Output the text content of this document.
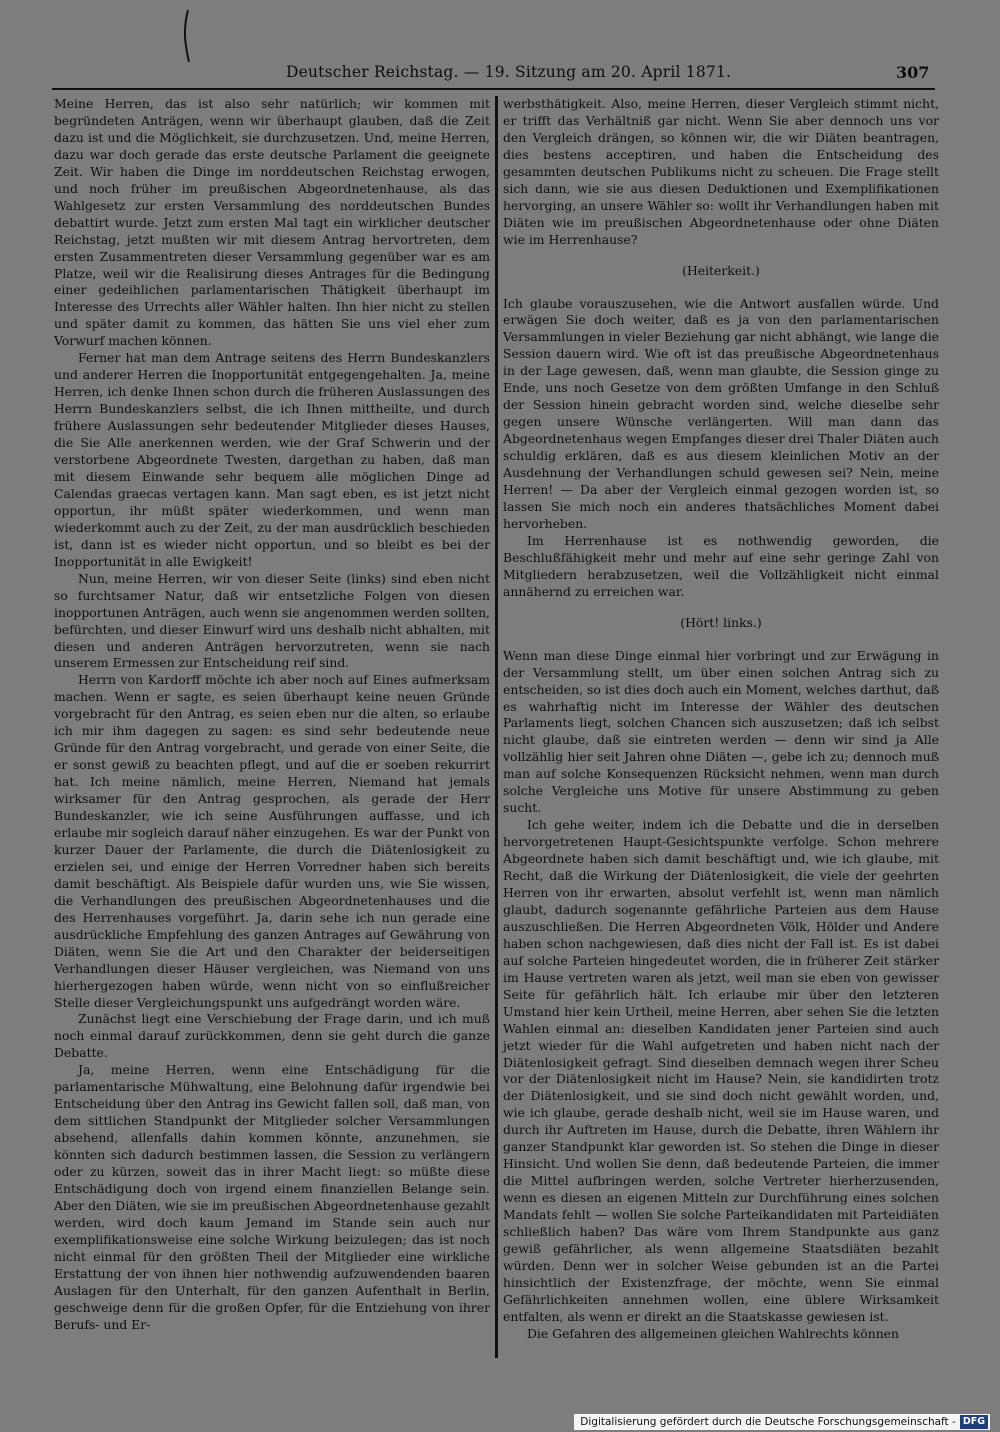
Deutscher Reichstag. — 19. Sitzung am 20. April 1871.	307

Meine Herren, das ist also sehr natürlich; wir kommen mit begründeten Anträgen, wenn wir überhaupt glauben, daß die Zeit dazu ist und die Möglichkeit, sie durchzusetzen. Und, meine Herren, dazu war doch gerade das erste deutsche Parlament die geeignete Zeit. Wir haben die Dinge im norddeutschen Reichstag erwogen, und noch früher im preußischen Abgeordnetenhause, als das Wahlgesetz zur ersten Versammlung des norddeutschen Bundes debattirt wurde. Jetzt zum ersten Mal tagt ein wirklicher deutscher Reichstag, jetzt mußten wir mit diesem Antrag hervortreten, dem ersten Zusammentreten dieser Versammlung gegenüber war es am Platze, weil wir die Realisirung dieses Antrages für die Bedingung einer gedeihlichen parlamentarischen Thätigkeit überhaupt im Interesse des Urrechts aller Wähler halten. Ihn hier nicht zu stellen und später damit zu kommen, das hätten Sie uns viel eher zum Vorwurf machen können.

Ferner hat man dem Antrage seitens des Herrn Bundeskanzlers und anderer Herren die Inopportunität entgegengehalten. Ja, meine Herren, ich denke Ihnen schon durch die früheren Auslassungen des Herrn Bundeskanzlers selbst, die ich Ihnen mittheilte, und durch frühere Auslassungen sehr bedeutender Mitglieder dieses Hauses, die Sie Alle anerkennen werden, wie der Graf Schwerin und der verstorbene Abgeordnete Twesten, dargethan zu haben, daß man mit diesem Einwande sehr bequem alle möglichen Dinge ad Calendas graecas vertagen kann. Man sagt eben, es ist jetzt nicht opportun, ihr müßt später wiederkommen, und wenn man wiederkommt auch zu der Zeit, zu der man ausdrücklich beschieden ist, dann ist es wieder nicht opportun, und so bleibt es bei der Inopportunität in alle Ewigkeit!

Nun, meine Herren, wir von dieser Seite (links) sind eben nicht so furchtsamer Natur, daß wir entsetzliche Folgen von diesen inopportunen Anträgen, auch wenn sie angenommen werden sollten, befürchten, und dieser Einwurf wird uns deshalb nicht abhalten, mit diesen und anderen Anträgen hervorzutreten, wenn sie nach unserem Ermessen zur Entscheidung reif sind.

Herrn von Kardorff möchte ich aber noch auf Eines aufmerksam machen. Wenn er sagte, es seien überhaupt keine neuen Gründe vorgebracht für den Antrag, es seien eben nur die alten, so erlaube ich mir ihm dagegen zu sagen: es sind sehr bedeutende neue Gründe für den Antrag vorgebracht, und gerade von einer Seite, die er sonst gewiß zu beachten pflegt, und auf die er soeben rekurrirt hat. Ich meine nämlich, meine Herren, Niemand hat jemals wirksamer für den Antrag gesprochen, als gerade der Herr Bundeskanzler, wie ich seine Ausführungen auffasse, und ich erlaube mir sogleich darauf näher einzugehen. Es war der Punkt von kurzer Dauer der Parlamente, die durch die Diätenlosigkeit zu erzielen sei, und einige der Herren Vorredner haben sich bereits damit beschäftigt. Als Beispiele dafür wurden uns, wie Sie wissen, die Verhandlungen des preußischen Abgeordnetenhauses und die des Herrenhauses vorgeführt. Ja, darin sehe ich nun gerade eine ausdrückliche Empfehlung des ganzen Antrages auf Gewährung von Diäten, wenn Sie die Art und den Charakter der beiderseitigen Verhandlungen dieser Häuser vergleichen, was Niemand von uns hierhergezogen haben würde, wenn nicht von so einflußreicher Stelle dieser Vergleichungspunkt uns aufgedrängt worden wäre.

Zunächst liegt eine Verschiebung der Frage darin, und ich muß noch einmal darauf zurückkommen, denn sie geht durch die ganze Debatte.

Ja, meine Herren, wenn eine Entschädigung für die parlamentarische Mühwaltung, eine Belohnung dafür irgendwie bei Entscheidung über den Antrag ins Gewicht fallen soll, daß man, von dem sittlichen Standpunkt der Mitglieder solcher Versammlungen absehend, allenfalls dahin kommen könnte, anzunehmen, sie könnten sich dadurch bestimmen lassen, die Session zu verlängern oder zu kürzen, soweit das in ihrer Macht liegt: so müßte diese Entschädigung doch von irgend einem finanziellen Belange sein. Aber den Diäten, wie sie im preußischen Abgeordnetenhause gezahlt werden, wird doch kaum Jemand im Stande sein auch nur exemplifikationsweise eine solche Wirkung beizulegen; das ist noch nicht einmal für den größten Theil der Mitglieder eine wirkliche Erstattung der von ihnen hier nothwendig aufzuwendenden baaren Auslagen für den Unterhalt, für den ganzen Aufenthalt in Berlin, geschweige denn für die großen Opfer, für die Entziehung von ihrer Berufs- und Er-

werbsthätigkeit. Also, meine Herren, dieser Vergleich stimmt nicht, er trifft das Verhältniß gar nicht. Wenn Sie aber dennoch uns vor den Vergleich drängen, so können wir, die wir Diäten beantragen, dies bestens acceptiren, und haben die Entscheidung des gesammten deutschen Publikums nicht zu scheuen. Die Frage stellt sich dann, wie sie aus diesen Deduktionen und Exemplifikationen hervorging, an unsere Wähler so: wollt ihr Verhandlungen haben mit Diäten wie im preußischen Abgeordnetenhause oder ohne Diäten wie im Herrenhause?

(Heiterkeit.)

Ich glaube vorauszusehen, wie die Antwort ausfallen würde. Und erwägen Sie doch weiter, daß es ja von den parlamentarischen Versammlungen in vieler Beziehung gar nicht abhängt, wie lange die Session dauern wird. Wie oft ist das preußische Abgeordnetenhaus in der Lage gewesen, daß, wenn man glaubte, die Session ginge zu Ende, uns noch Gesetze von dem größten Umfange in den Schluß der Session hinein gebracht worden sind, welche dieselbe sehr gegen unsere Wünsche verlängerten. Will man dann das Abgeordnetenhaus wegen Empfanges dieser drei Thaler Diäten auch schuldig erklären, daß es aus diesem kleinlichen Motiv an der Ausdehnung der Verhandlungen schuld gewesen sei? Nein, meine Herren! — Da aber der Vergleich einmal gezogen worden ist, so lassen Sie mich noch ein anderes thatsächliches Moment dabei hervorheben.

Im Herrenhause ist es nothwendig geworden, die Beschlußfähigkeit mehr und mehr auf eine sehr geringe Zahl von Mitgliedern herabzusetzen, weil die Vollzähligkeit nicht einmal annähernd zu erreichen war.

(Hört! links.)

Wenn man diese Dinge einmal hier vorbringt und zur Erwägung in der Versammlung stellt, um über einen solchen Antrag sich zu entscheiden, so ist dies doch auch ein Moment, welches darthut, daß es wahrhaftig nicht im Interesse der Wähler des deutschen Parlaments liegt, solchen Chancen sich auszusetzen; daß ich selbst nicht glaube, daß sie eintreten werden — denn wir sind ja Alle vollzählig hier seit Jahren ohne Diäten —, gebe ich zu; dennoch muß man auf solche Konsequenzen Rücksicht nehmen, wenn man durch solche Vergleiche uns Motive für unsere Abstimmung zu geben sucht.

Ich gehe weiter, indem ich die Debatte und die in derselben hervorgetretenen Haupt-Gesichtspunkte verfolge. Schon mehrere Abgeordnete haben sich damit beschäftigt und, wie ich glaube, mit Recht, daß die Wirkung der Diätenlosigkeit, die viele der geehrten Herren von ihr erwarten, absolut verfehlt ist, wenn man nämlich glaubt, dadurch sogenannte gefährliche Parteien aus dem Hause auszuschließen. Die Herren Abgeordneten Völk, Hölder und Andere haben schon nachgewiesen, daß dies nicht der Fall ist. Es ist dabei auf solche Parteien hingedeutet worden, die in früherer Zeit stärker im Hause vertreten waren als jetzt, weil man sie eben von gewisser Seite für gefährlich hält. Ich erlaube mir über den letzteren Umstand hier kein Urtheil, meine Herren, aber sehen Sie die letzten Wahlen einmal an: dieselben Kandidaten jener Parteien sind auch jetzt wieder für die Wahl aufgetreten und haben nicht nach der Diätenlosigkeit gefragt. Sind dieselben demnach wegen ihrer Scheu vor der Diätenlosigkeit nicht im Hause? Nein, sie kandidirten trotz der Diätenlosigkeit, und sie sind doch nicht gewählt worden, und, wie ich glaube, gerade deshalb nicht, weil sie im Hause waren, und durch ihr Auftreten im Hause, durch die Debatte, ihren Wählern ihr ganzer Standpunkt klar geworden ist. So stehen die Dinge in dieser Hinsicht. Und wollen Sie denn, daß bedeutende Parteien, die immer die Mittel aufbringen werden, solche Vertreter hierherzusenden, wenn es diesen an eigenen Mitteln zur Durchführung eines solchen Mandats fehlt — wollen Sie solche Parteikandidaten mit Parteidiäten schließlich haben? Das wäre vom Ihrem Standpunkte aus ganz gewiß gefährlicher, als wenn allgemeine Staatsdiäten bezahlt würden. Denn wer in solcher Weise gebunden ist an die Partei hinsichtlich der Existenzfrage, der möchte, wenn Sie einmal Gefährlichkeiten annehmen wollen, eine üblere Wirksamkeit entfalten, als wenn er direkt an die Staatskasse gewiesen ist.

Die Gefahren des allgemeinen gleichen Wahlrechts können

Digitalisierung gefördert durch die Deutsche Forschungsgemeinschaft - DFG
